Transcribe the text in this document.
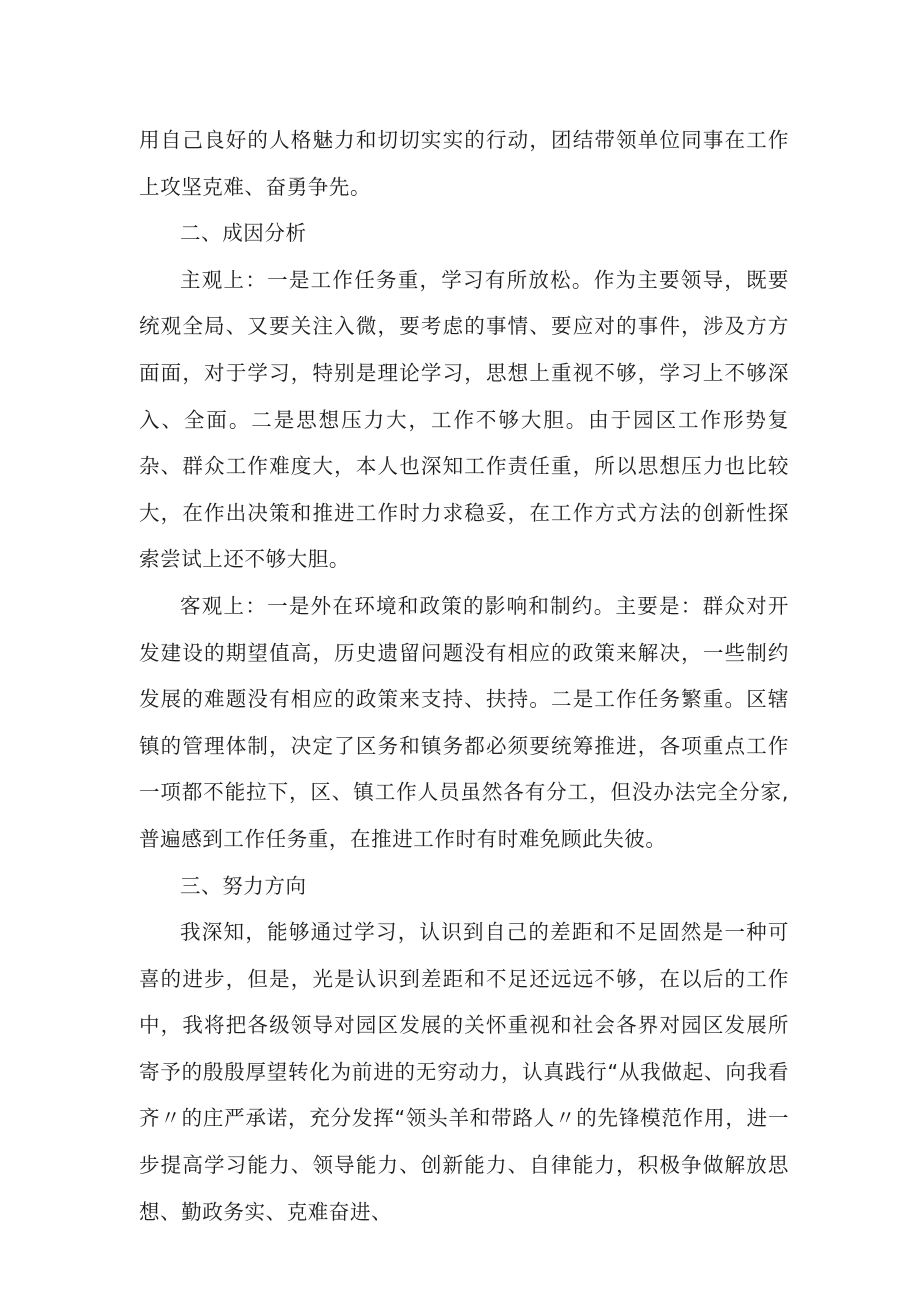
用自己良好的人格魅力和切切实实的行动，团结带领单位同事在工作上攻坚克难、奋勇争先。

二、成因分析

主观上：一是工作任务重，学习有所放松。作为主要领导，既要统观全局、又要关注入微，要考虑的事情、要应对的事件，涉及方方面面，对于学习，特别是理论学习，思想上重视不够，学习上不够深入、全面。二是思想压力大，工作不够大胆。由于园区工作形势复杂、群众工作难度大，本人也深知工作责任重，所以思想压力也比较大，在作出决策和推进工作时力求稳妥，在工作方式方法的创新性探索尝试上还不够大胆。

客观上：一是外在环境和政策的影响和制约。主要是：群众对开发建设的期望值高，历史遗留问题没有相应的政策来解决，一些制约发展的难题没有相应的政策来支持、扶持。二是工作任务繁重。区辖镇的管理体制，决定了区务和镇务都必须要统筹推进，各项重点工作一项都不能拉下，区、镇工作人员虽然各有分工，但没办法完全分家,普遍感到工作任务重，在推进工作时有时难免顾此失彼。

三、努力方向

我深知，能够通过学习，认识到自己的差距和不足固然是一种可喜的进步，但是，光是认识到差距和不足还远远不够，在以后的工作中，我将把各级领导对园区发展的关怀重视和社会各界对园区发展所寄予的殷殷厚望转化为前进的无穷动力，认真践行“从我做起、向我看齐〃的庄严承诺，充分发挥“领头羊和带路人〃的先锋模范作用，进一步提高学习能力、领导能力、创新能力、自律能力，积极争做解放思想、勤政务实、克难奋进、
